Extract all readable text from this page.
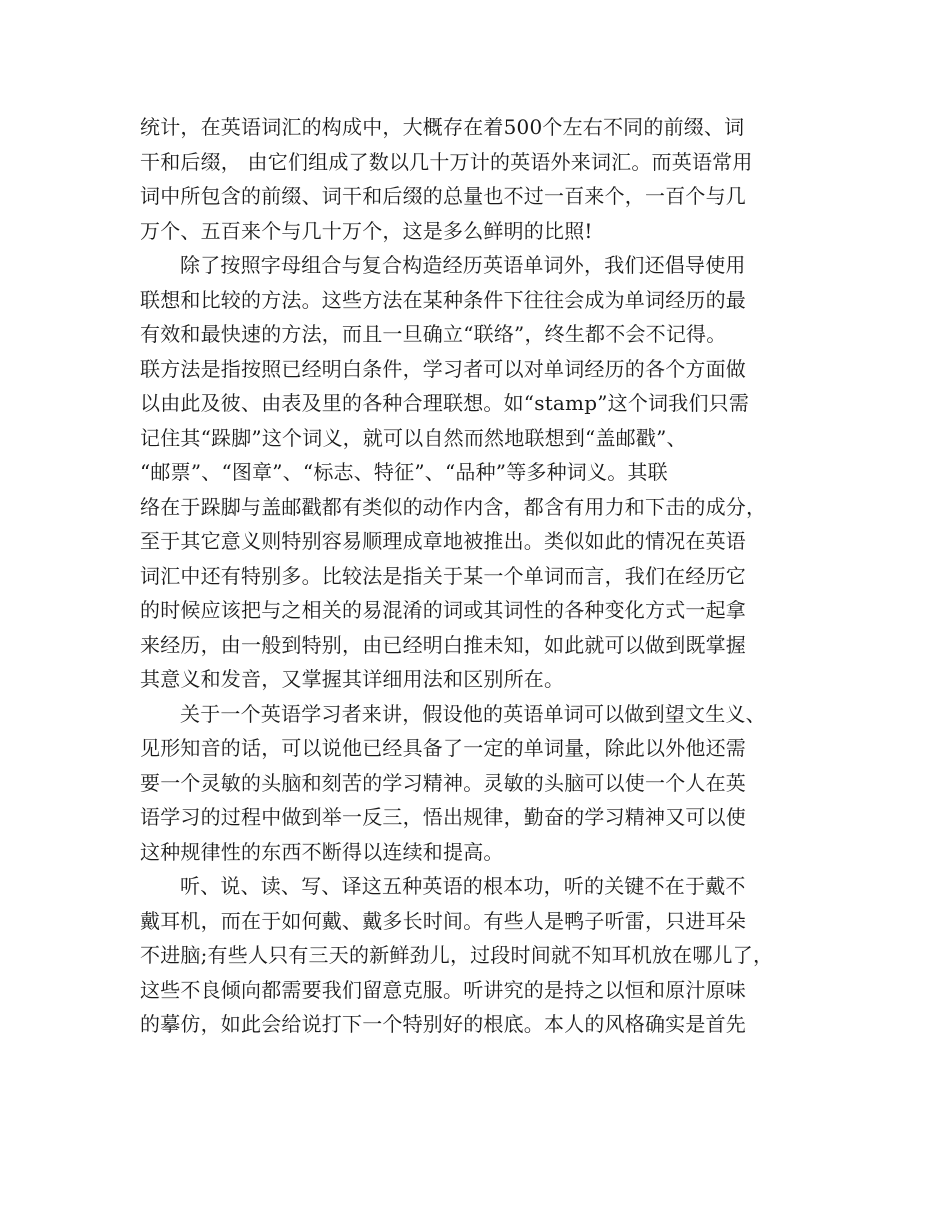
统计，在英语词汇的构成中，大概存在着500个左右不同的前缀、词
干和后缀， 由它们组成了数以几十万计的英语外来词汇。而英语常用
词中所包含的前缀、词干和后缀的总量也不过一百来个，一百个与几
万个、五百来个与几十万个，这是多么鲜明的比照!
除了按照字母组合与复合构造经历英语单词外，我们还倡导使用
联想和比较的方法。这些方法在某种条件下往往会成为单词经历的最
有效和最快速的方法，而且一旦确立“联络”，终生都不会不记得。
联方法是指按照已经明白条件，学习者可以对单词经历的各个方面做
以由此及彼、由表及里的各种合理联想。如“stamp”这个词我们只需
记住其“跺脚”这个词义，就可以自然而然地联想到“盖邮戳”、
“邮票”、“图章”、“标志、特征”、“品种”等多种词义。其联
络在于跺脚与盖邮戳都有类似的动作内含，都含有用力和下击的成分，
至于其它意义则特别容易顺理成章地被推出。类似如此的情况在英语
词汇中还有特别多。比较法是指关于某一个单词而言，我们在经历它
的时候应该把与之相关的易混淆的词或其词性的各种变化方式一起拿
来经历，由一般到特别，由已经明白推未知，如此就可以做到既掌握
其意义和发音，又掌握其详细用法和区别所在。
关于一个英语学习者来讲，假设他的英语单词可以做到望文生义、
见形知音的话，可以说他已经具备了一定的单词量，除此以外他还需
要一个灵敏的头脑和刻苦的学习精神。灵敏的头脑可以使一个人在英
语学习的过程中做到举一反三，悟出规律，勤奋的学习精神又可以使
这种规律性的东西不断得以连续和提高。
听、说、读、写、译这五种英语的根本功，听的关键不在于戴不
戴耳机，而在于如何戴、戴多长时间。有些人是鸭子听雷，只进耳朵
不进脑;有些人只有三天的新鲜劲儿，过段时间就不知耳机放在哪儿了，
这些不良倾向都需要我们留意克服。听讲究的是持之以恒和原汁原味
的摹仿，如此会给说打下一个特别好的根底。本人的风格确实是首先
